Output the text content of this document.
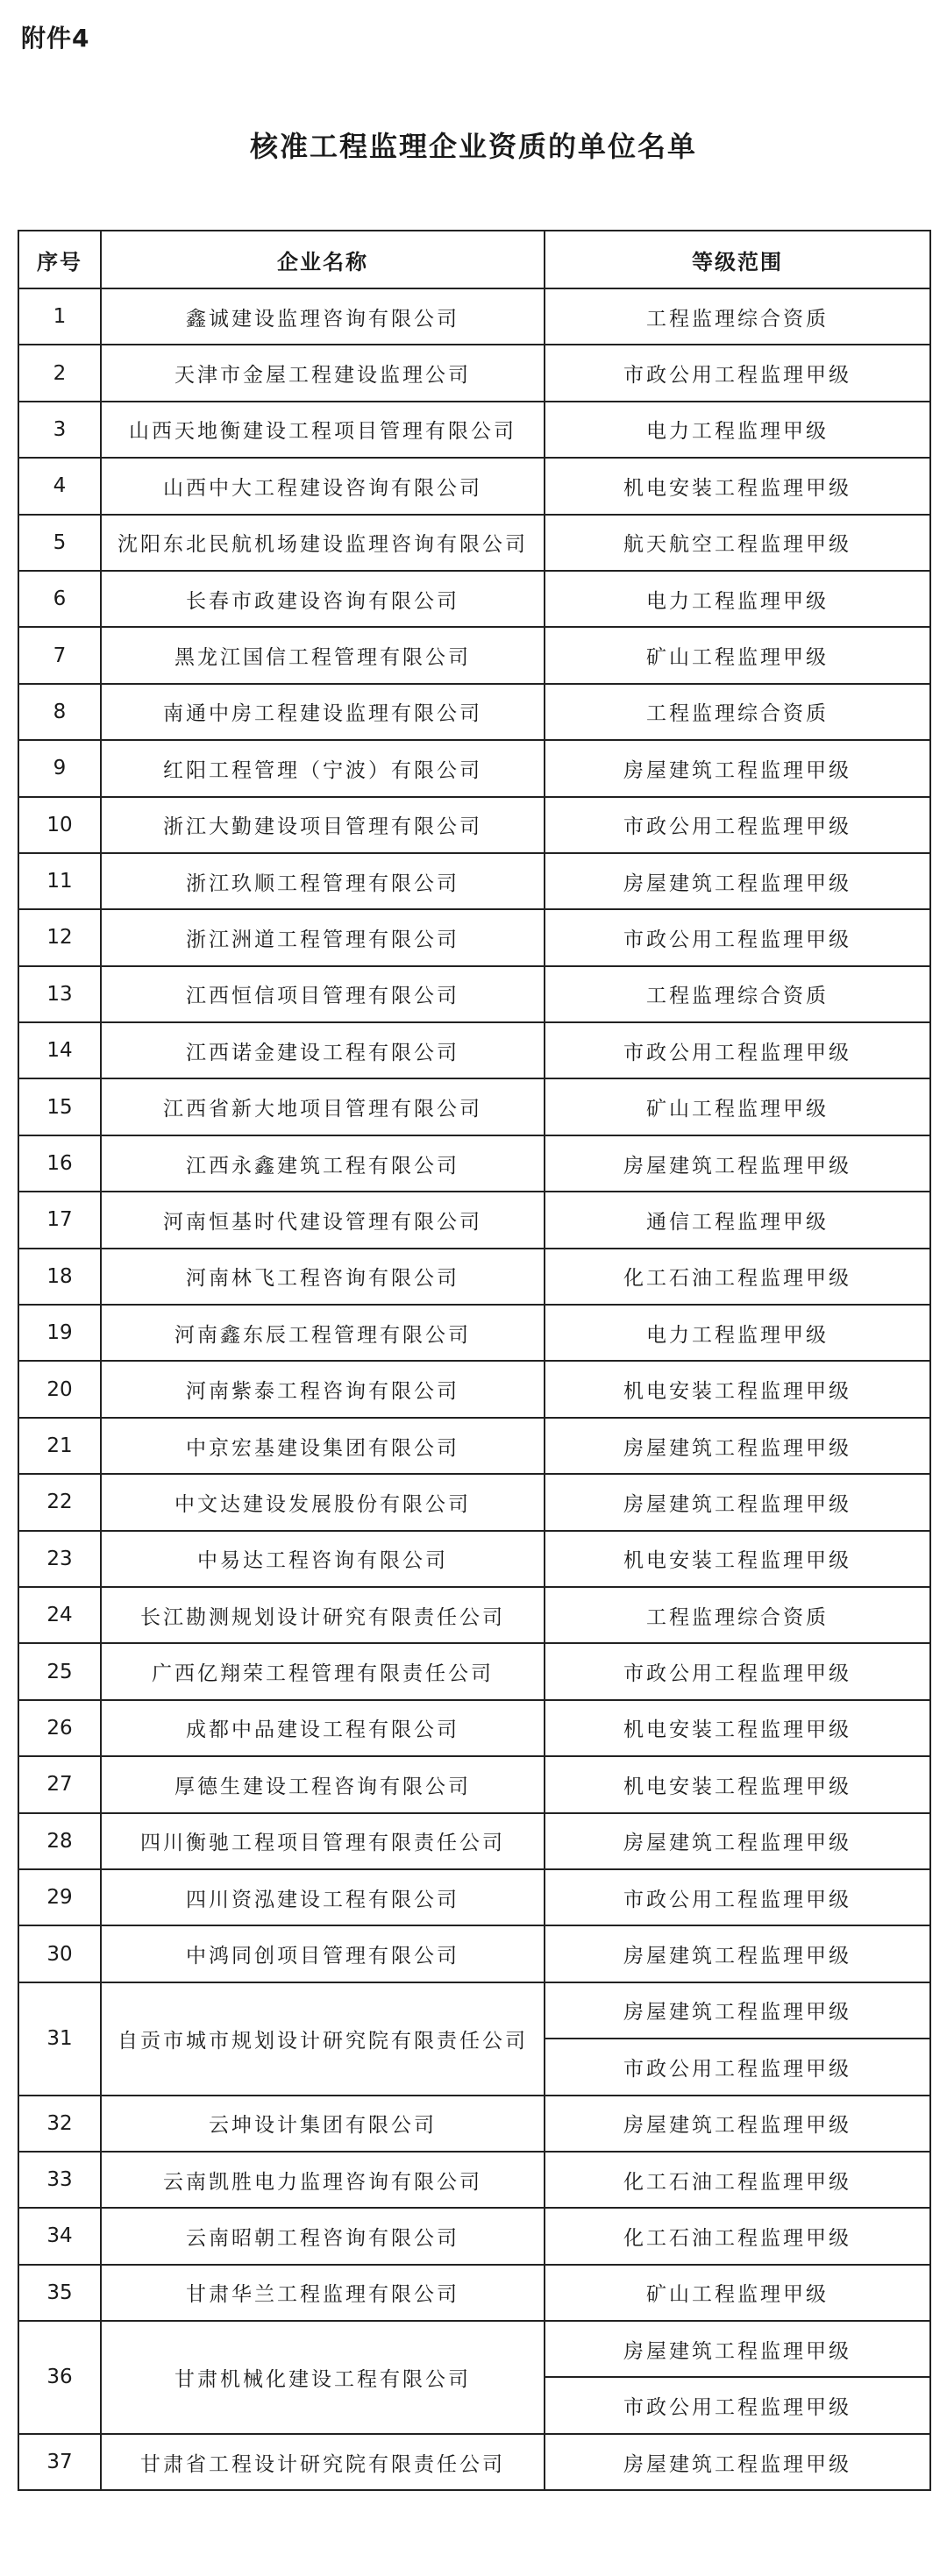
附件4
核准工程监理企业资质的单位名单
序号	企业名称	等级范围
1	鑫诚建设监理咨询有限公司	工程监理综合资质
2	天津市金屋工程建设监理公司	市政公用工程监理甲级
3	山西天地衡建设工程项目管理有限公司	电力工程监理甲级
4	山西中大工程建设咨询有限公司	机电安装工程监理甲级
5	沈阳东北民航机场建设监理咨询有限公司	航天航空工程监理甲级
6	长春市政建设咨询有限公司	电力工程监理甲级
7	黑龙江国信工程管理有限公司	矿山工程监理甲级
8	南通中房工程建设监理有限公司	工程监理综合资质
9	红阳工程管理（宁波）有限公司	房屋建筑工程监理甲级
10	浙江大勤建设项目管理有限公司	市政公用工程监理甲级
11	浙江玖顺工程管理有限公司	房屋建筑工程监理甲级
12	浙江洲道工程管理有限公司	市政公用工程监理甲级
13	江西恒信项目管理有限公司	工程监理综合资质
14	江西诺金建设工程有限公司	市政公用工程监理甲级
15	江西省新大地项目管理有限公司	矿山工程监理甲级
16	江西永鑫建筑工程有限公司	房屋建筑工程监理甲级
17	河南恒基时代建设管理有限公司	通信工程监理甲级
18	河南林飞工程咨询有限公司	化工石油工程监理甲级
19	河南鑫东辰工程管理有限公司	电力工程监理甲级
20	河南紫泰工程咨询有限公司	机电安装工程监理甲级
21	中京宏基建设集团有限公司	房屋建筑工程监理甲级
22	中文达建设发展股份有限公司	房屋建筑工程监理甲级
23	中易达工程咨询有限公司	机电安装工程监理甲级
24	长江勘测规划设计研究有限责任公司	工程监理综合资质
25	广西亿翔荣工程管理有限责任公司	市政公用工程监理甲级
26	成都中品建设工程有限公司	机电安装工程监理甲级
27	厚德生建设工程咨询有限公司	机电安装工程监理甲级
28	四川衡驰工程项目管理有限责任公司	房屋建筑工程监理甲级
29	四川资泓建设工程有限公司	市政公用工程监理甲级
30	中鸿同创项目管理有限公司	房屋建筑工程监理甲级
31	自贡市城市规划设计研究院有限责任公司	房屋建筑工程监理甲级
		市政公用工程监理甲级
32	云坤设计集团有限公司	房屋建筑工程监理甲级
33	云南凯胜电力监理咨询有限公司	化工石油工程监理甲级
34	云南昭朝工程咨询有限公司	化工石油工程监理甲级
35	甘肃华兰工程监理有限公司	矿山工程监理甲级
36	甘肃机械化建设工程有限公司	房屋建筑工程监理甲级
		市政公用工程监理甲级
37	甘肃省工程设计研究院有限责任公司	房屋建筑工程监理甲级
